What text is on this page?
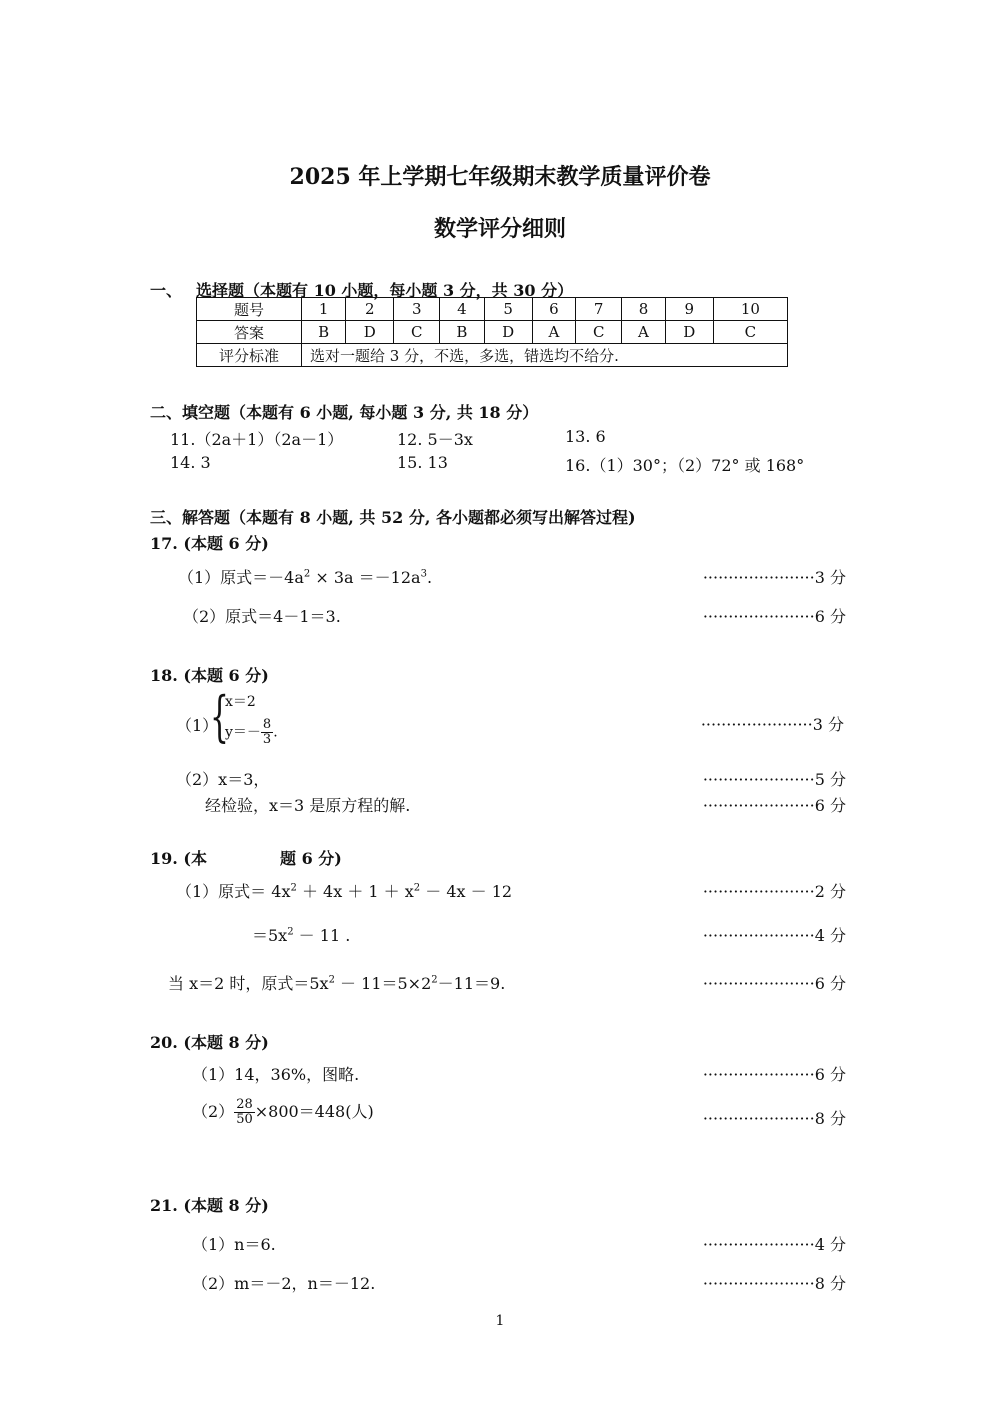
2025 年上学期七年级期末教学质量评价卷
数学评分细则
一、 选择题（本题有 10 小题，每小题 3 分，共 30 分）
题号	1	2	3	4	5	6	7	8	9	10
答案	B	D	C	B	D	A	C	A	D	C
评分标准	选对一题给 3 分，不选，多选，错选均不给分.									
二、填空题（本题有 6 小题, 每小题 3 分, 共 18 分）
11.（2a＋1）（2a－1）	12. 5－3x	13. 6
14. 3	15. 13	16.（1）30°；（2）72° 或 168°
三、解答题（本题有 8 小题, 共 52 分, 各小题都必须写出解答过程)
17. (本题 6 分)
（1）原式$=-4a^2 \times 3a =-12a^3$.	······················3 分
（2）原式＝4－1＝3.	······················6 分
18. (本题 6 分)
（1）
{
x＝2
$y=- \frac{8}{3}$ .	······················3 分
（2）x＝3，	······················5 分
经检验，x＝3 是原方程的解.	······················6 分
19. (本	题 6 分)
（1）原式＝ $4x^2 + 4x + 1 + x^2 - 4x - 12$	······················2 分
$=5x^2 - 11$ .	······················4 分
当 x＝2 时，原式$=5x^2 - 11=5\times 2^2-11=9$.	······················6 分
20. (本题 8 分)
（1）14，36%，图略.	······················6 分
$(2) \frac{28}{50} \times 800=448$(人)	······················8 分
21. (本题 8 分)
（1）n＝6.	······················4 分
（2）m＝－2，n＝－12.	······················8 分
1
